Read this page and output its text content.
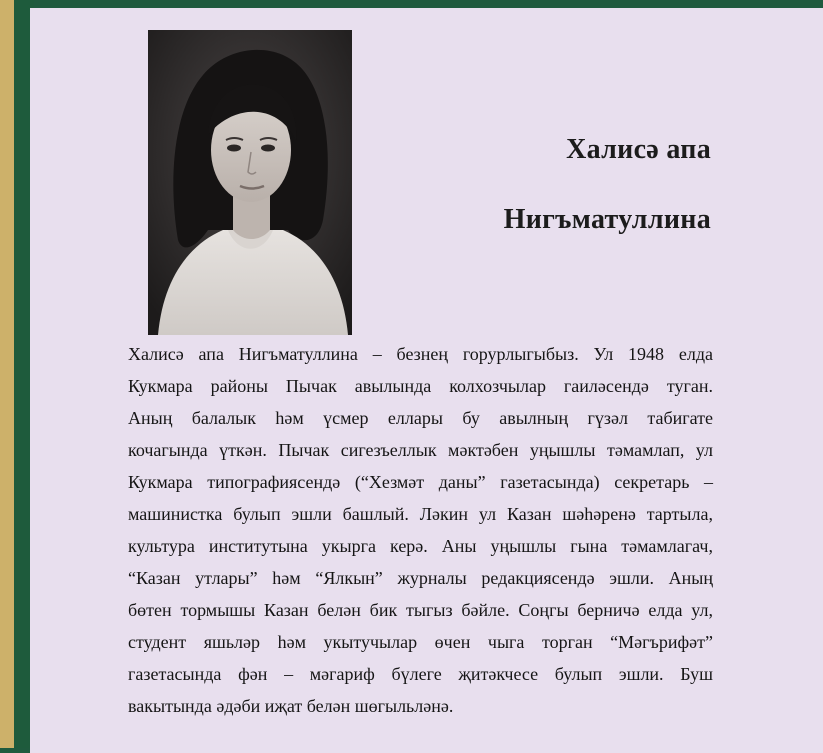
Халисә апа
Нигъматуллина
Халисә апа Нигъматуллина – безнең горурлыгыбыз. Ул 1948 елда
Кукмара районы Пычак авылында колхозчылар гаиләсендә туган.
Аның балалык һәм үсмер еллары бу авылның гүзәл табигате
кочагында үткән. Пычак сигезъеллык мәктәбен уңышлы тәмамлап, ул
Кукмара типографиясендә (“Хезмәт даны” газетасында) секретарь –
машинистка булып эшли башлый. Ләкин ул Казан шәһәренә тартыла,
культура институтына укырга керә. Аны уңышлы гына тәмамлагач,
“Казан утлары” һәм “Ялкын” журналы редакциясендә эшли. Аның
бөтен тормышы Казан белән бик тыгыз бәйле. Соңгы берничә елда ул,
студент яшьләр һәм укытучылар өчен чыга торган “Мәгърифәт”
газетасында фән – мәгариф бүлеге җитәкчесе булып эшли. Буш
вакытында әдәби иҗат белән шөгыльләнә.
